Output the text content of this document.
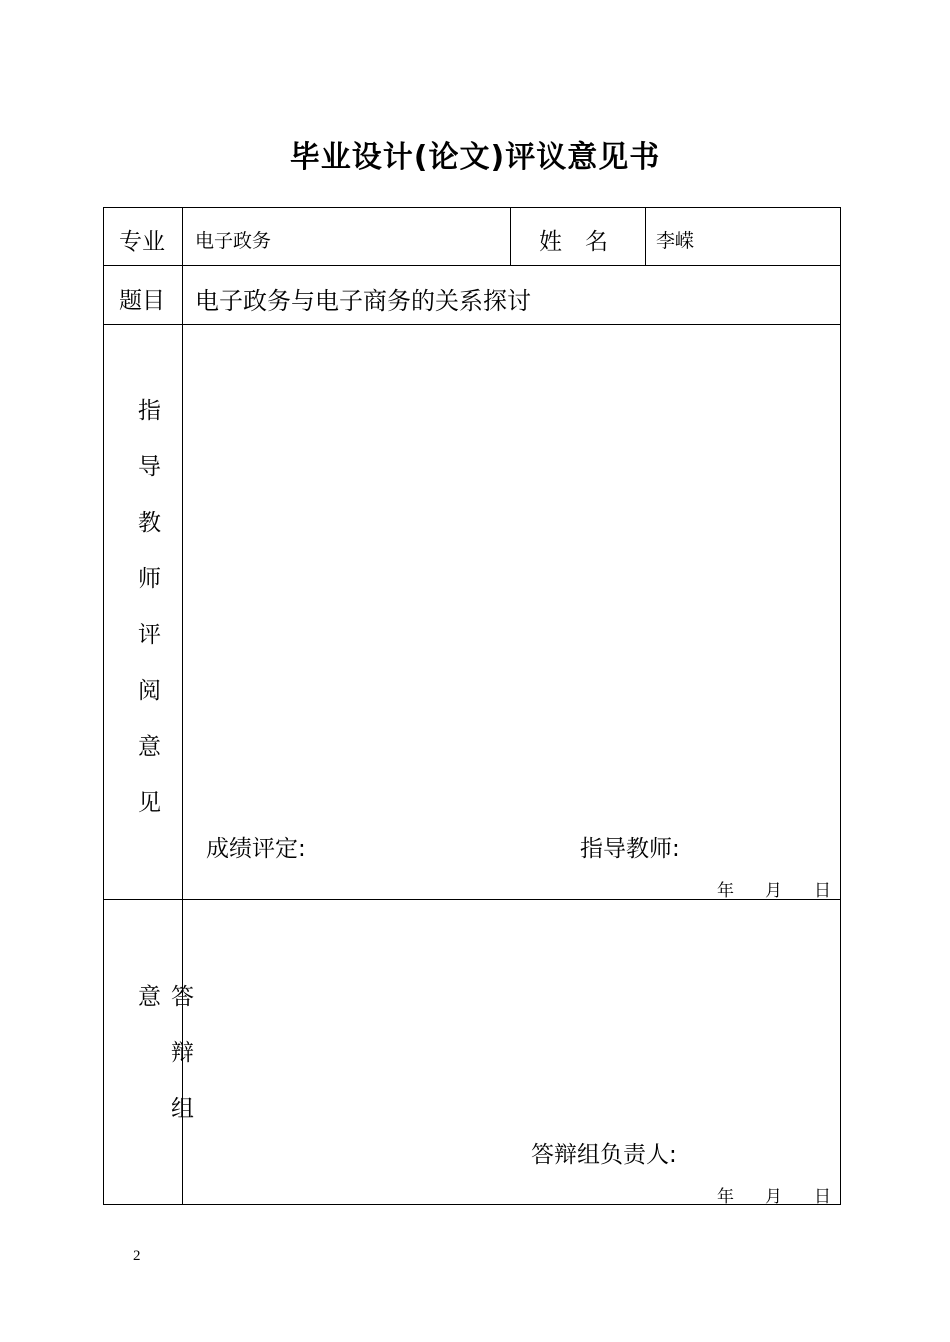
毕业设计(论文)评议意见书
专业 电子政务	姓　名	李嵘
题目 电子政务与电子商务的关系探讨
指导教师评阅意见
成绩评定:	指导教师:
年 月 日
答辩组意
答辩组负责人:
年 月 日
2
